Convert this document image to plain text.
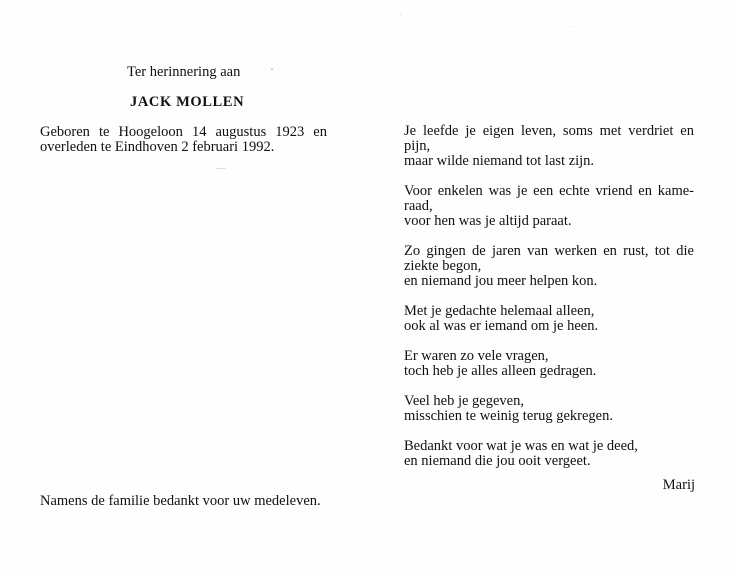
Ter herinnering aan

JACK MOLLEN

Geboren te Hoogeloon 14 augustus 1923 en
overleden te Eindhoven 2 februari 1992.

Namens de familie bedankt voor uw medeleven.

Je leefde je eigen leven, soms met verdriet en
pijn,
maar wilde niemand tot last zijn.

Voor enkelen was je een echte vriend en kame-
raad,
voor hen was je altijd paraat.

Zo gingen de jaren van werken en rust, tot die
ziekte begon,
en niemand jou meer helpen kon.

Met je gedachte helemaal alleen,
ook al was er iemand om je heen.

Er waren zo vele vragen,
toch heb je alles alleen gedragen.

Veel heb je gegeven,
misschien te weinig terug gekregen.

Bedankt voor wat je was en wat je deed,
en niemand die jou ooit vergeet.

Marij
